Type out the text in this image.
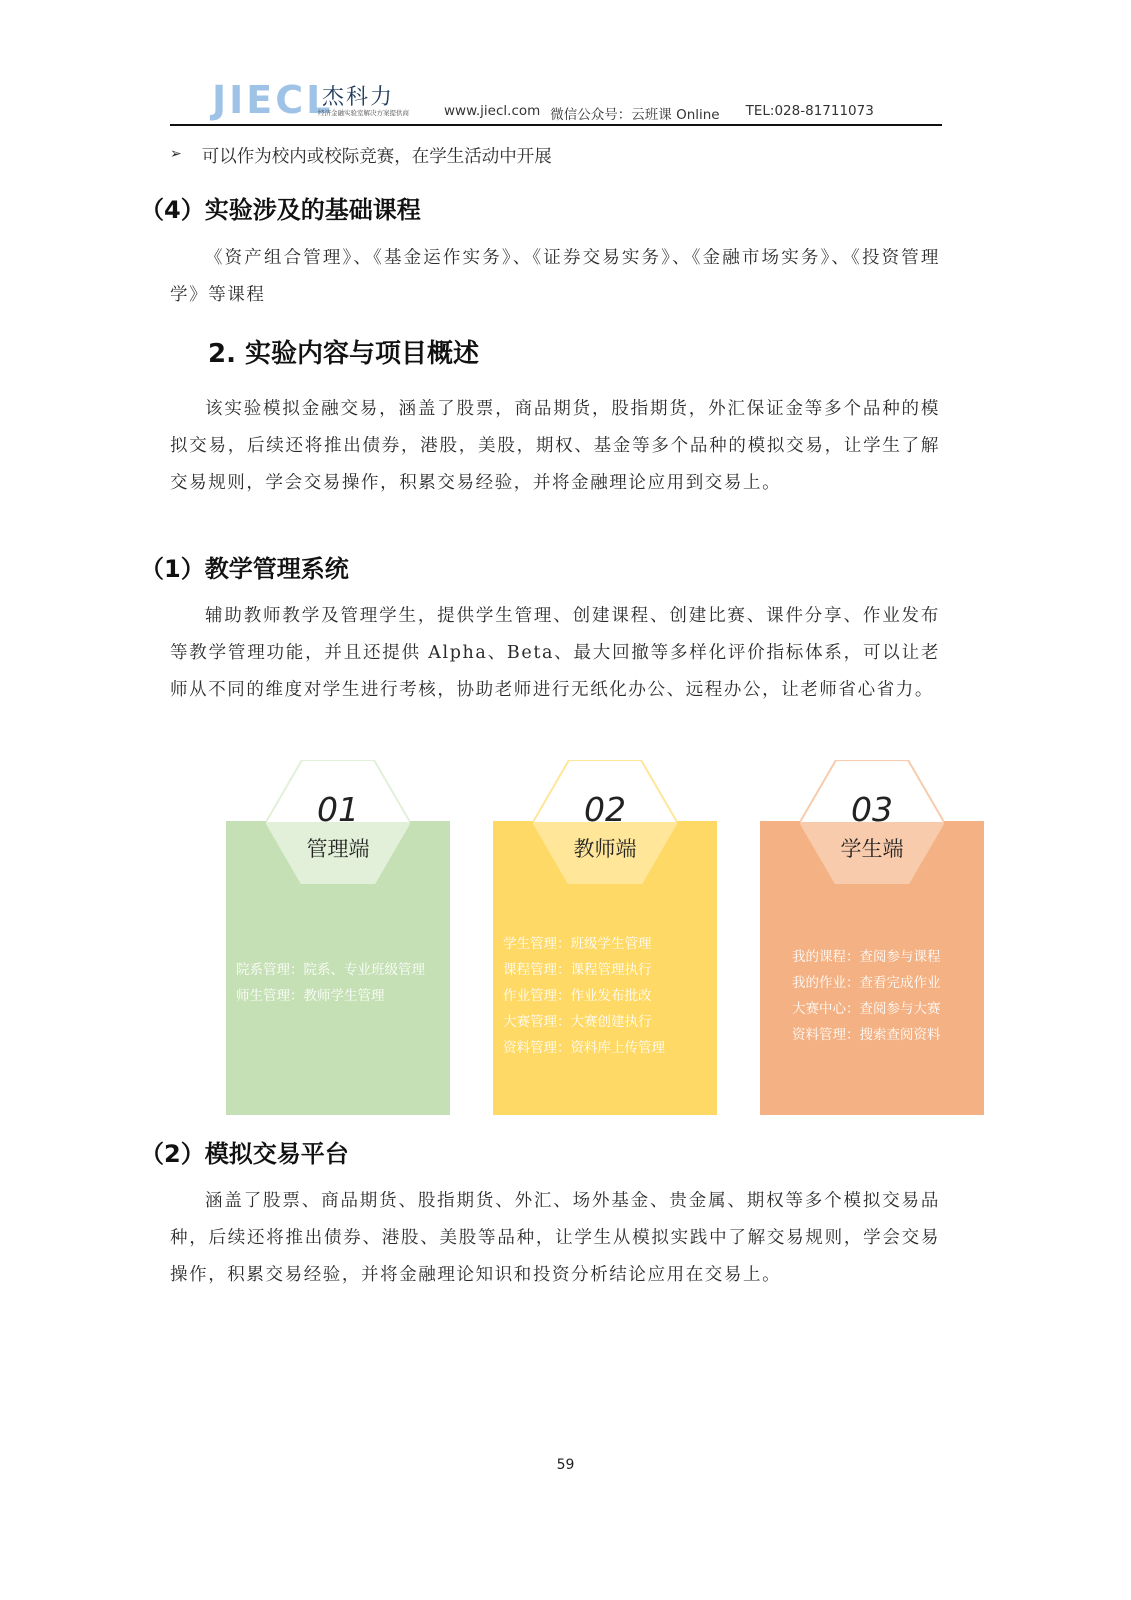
JIECL
杰科力
经济金融实验室解决方案提供商	www.jiecl.com 微信公众号：云班课 Online TEL:028-81711073
➢ 可以作为校内或校际竞赛，在学生活动中开展
（4）实验涉及的基础课程
《资产组合管理》、《基金运作实务》、《证券交易实务》、《金融市场实务》、《投资管理学》等课程
2. 实验内容与项目概述
该实验模拟金融交易，涵盖了股票，商品期货，股指期货，外汇保证金等多个品种的模拟交易，后续还将推出债券，港股，美股，期权、基金等多个品种的模拟交易，让学生了解交易规则，学会交易操作，积累交易经验，并将金融理论应用到交易上。
（1）教学管理系统
辅助教师教学及管理学生，提供学生管理、创建课程、创建比赛、课件分享、作业发布等教学管理功能，并且还提供 Alpha、Beta、最大回撤等多样化评价指标体系，可以让老师从不同的维度对学生进行考核，协助老师进行无纸化办公、远程办公，让老师省心省力。
01
管理端
院系管理：院系、专业班级管理
师生管理：教师学生管理
02
教师端
学生管理：班级学生管理
课程管理：课程管理执行
作业管理：作业发布批改
大赛管理：大赛创建执行
资料管理：资料库上传管理
03
学生端
我的课程：查阅参与课程
我的作业：查看完成作业
大赛中心：查阅参与大赛
资料管理：搜索查阅资料
（2）模拟交易平台
涵盖了股票、商品期货、股指期货、外汇、场外基金、贵金属、期权等多个模拟交易品种，后续还将推出债券、港股、美股等品种，让学生从模拟实践中了解交易规则，学会交易操作，积累交易经验，并将金融理论知识和投资分析结论应用在交易上。
59
